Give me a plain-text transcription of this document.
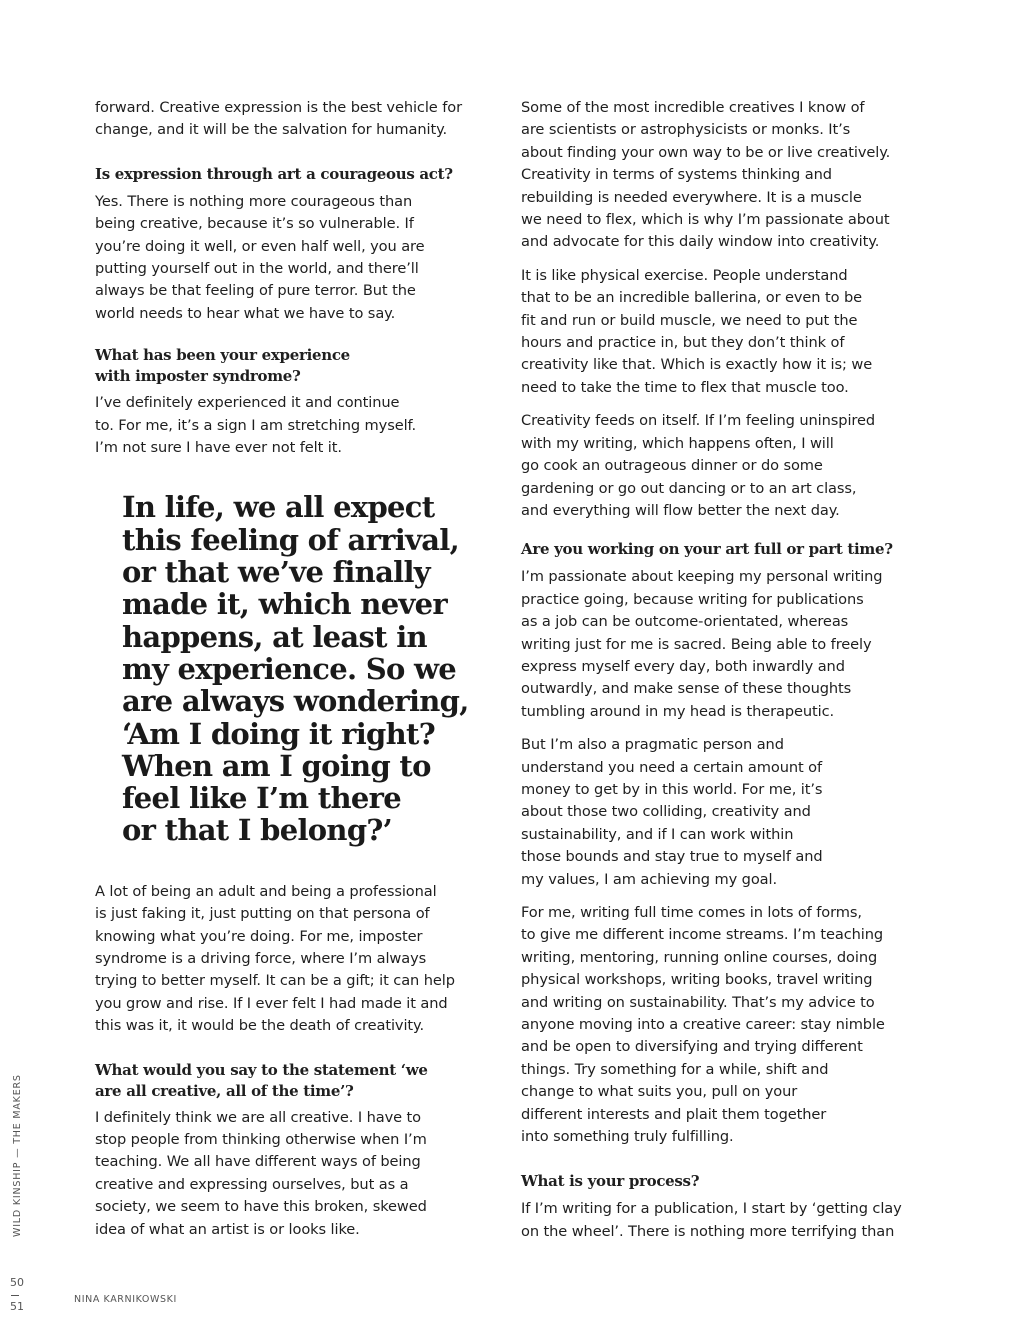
forward. Creative expression is the best vehicle for
change, and it will be the salvation for humanity.

Is expression through art a courageous act?

Yes. There is nothing more courageous than
being creative, because it’s so vulnerable. If
you’re doing it well, or even half well, you are
putting yourself out in the world, and there’ll
always be that feeling of pure terror. But the
world needs to hear what we have to say.

What has been your experience
with imposter syndrome?

I’ve definitely experienced it and continue
to. For me, it’s a sign I am stretching myself.
I’m not sure I have ever not felt it.

In life, we all expect
this feeling of arrival,
or that we’ve finally
made it, which never
happens, at least in
my experience. So we
are always wondering,
‘Am I doing it right?
When am I going to
feel like I’m there
or that I belong?’

A lot of being an adult and being a professional
is just faking it, just putting on that persona of
knowing what you’re doing. For me, imposter
syndrome is a driving force, where I’m always
trying to better myself. It can be a gift; it can help
you grow and rise. If I ever felt I had made it and
this was it, it would be the death of creativity.

What would you say to the statement ‘we
are all creative, all of the time’?

I definitely think we are all creative. I have to
stop people from thinking otherwise when I’m
teaching. We all have different ways of being
creative and expressing ourselves, but as a
society, we seem to have this broken, skewed
idea of what an artist is or looks like.

Some of the most incredible creatives I know of
are scientists or astrophysicists or monks. It’s
about finding your own way to be or live creatively.
Creativity in terms of systems thinking and
rebuilding is needed everywhere. It is a muscle
we need to flex, which is why I’m passionate about
and advocate for this daily window into creativity.

It is like physical exercise. People understand
that to be an incredible ballerina, or even to be
fit and run or build muscle, we need to put the
hours and practice in, but they don’t think of
creativity like that. Which is exactly how it is; we
need to take the time to flex that muscle too.

Creativity feeds on itself. If I’m feeling uninspired
with my writing, which happens often, I will
go cook an outrageous dinner or do some
gardening or go out dancing or to an art class,
and everything will flow better the next day.

Are you working on your art full or part time?

I’m passionate about keeping my personal writing
practice going, because writing for publications
as a job can be outcome-orientated, whereas
writing just for me is sacred. Being able to freely
express myself every day, both inwardly and
outwardly, and make sense of these thoughts
tumbling around in my head is therapeutic.

But I’m also a pragmatic person and
understand you need a certain amount of
money to get by in this world. For me, it’s
about those two colliding, creativity and
sustainability, and if I can work within
those bounds and stay true to myself and
my values, I am achieving my goal.

For me, writing full time comes in lots of forms,
to give me different income streams. I’m teaching
writing, mentoring, running online courses, doing
physical workshops, writing books, travel writing
and writing on sustainability. That’s my advice to
anyone moving into a creative career: stay nimble
and be open to diversifying and trying different
things. Try something for a while, shift and
change to what suits you, pull on your
different interests and plait them together
into something truly fulfilling.

What is your process?

If I’m writing for a publication, I start by ‘getting clay
on the wheel’. There is nothing more terrifying than

WILD KINSHIP — THE MAKERS
50
51
NINA KARNIKOWSKI
